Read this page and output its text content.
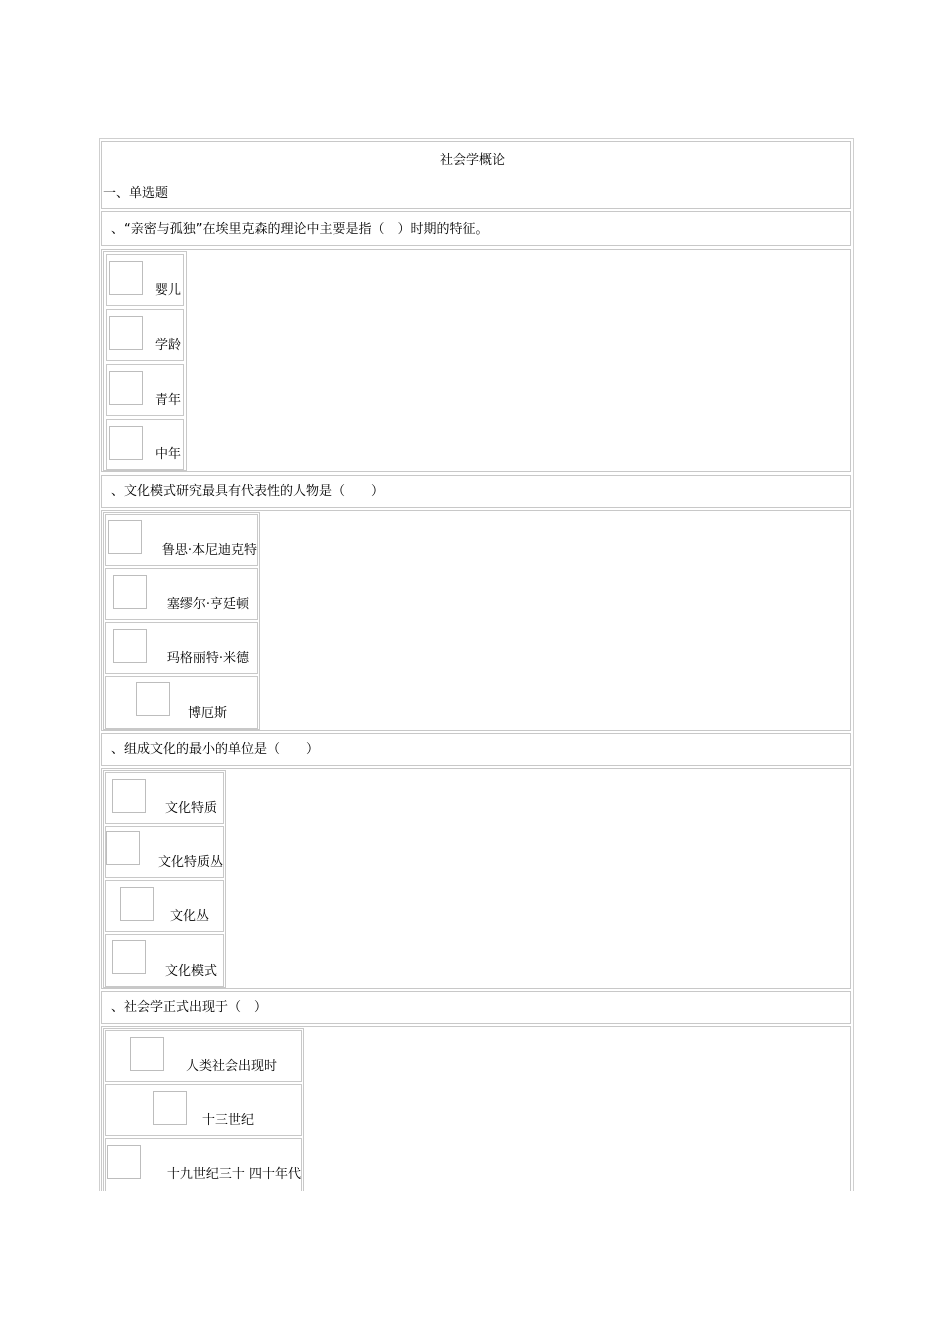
社会学概论
一、单选题
、“亲密与孤独”在埃里克森的理论中主要是指（　）时期的特征。
婴儿
学龄
青年
中年
、文化模式研究最具有代表性的人物是（　　）
鲁思·本尼迪克特
塞缪尔·亨廷顿
玛格丽特·米德
博厄斯
、组成文化的最小的单位是（　　）
文化特质
文化特质丛
文化丛
文化模式
、社会学正式出现于（　）
人类社会出现时
十三世纪
十九世纪三十 四十年代
